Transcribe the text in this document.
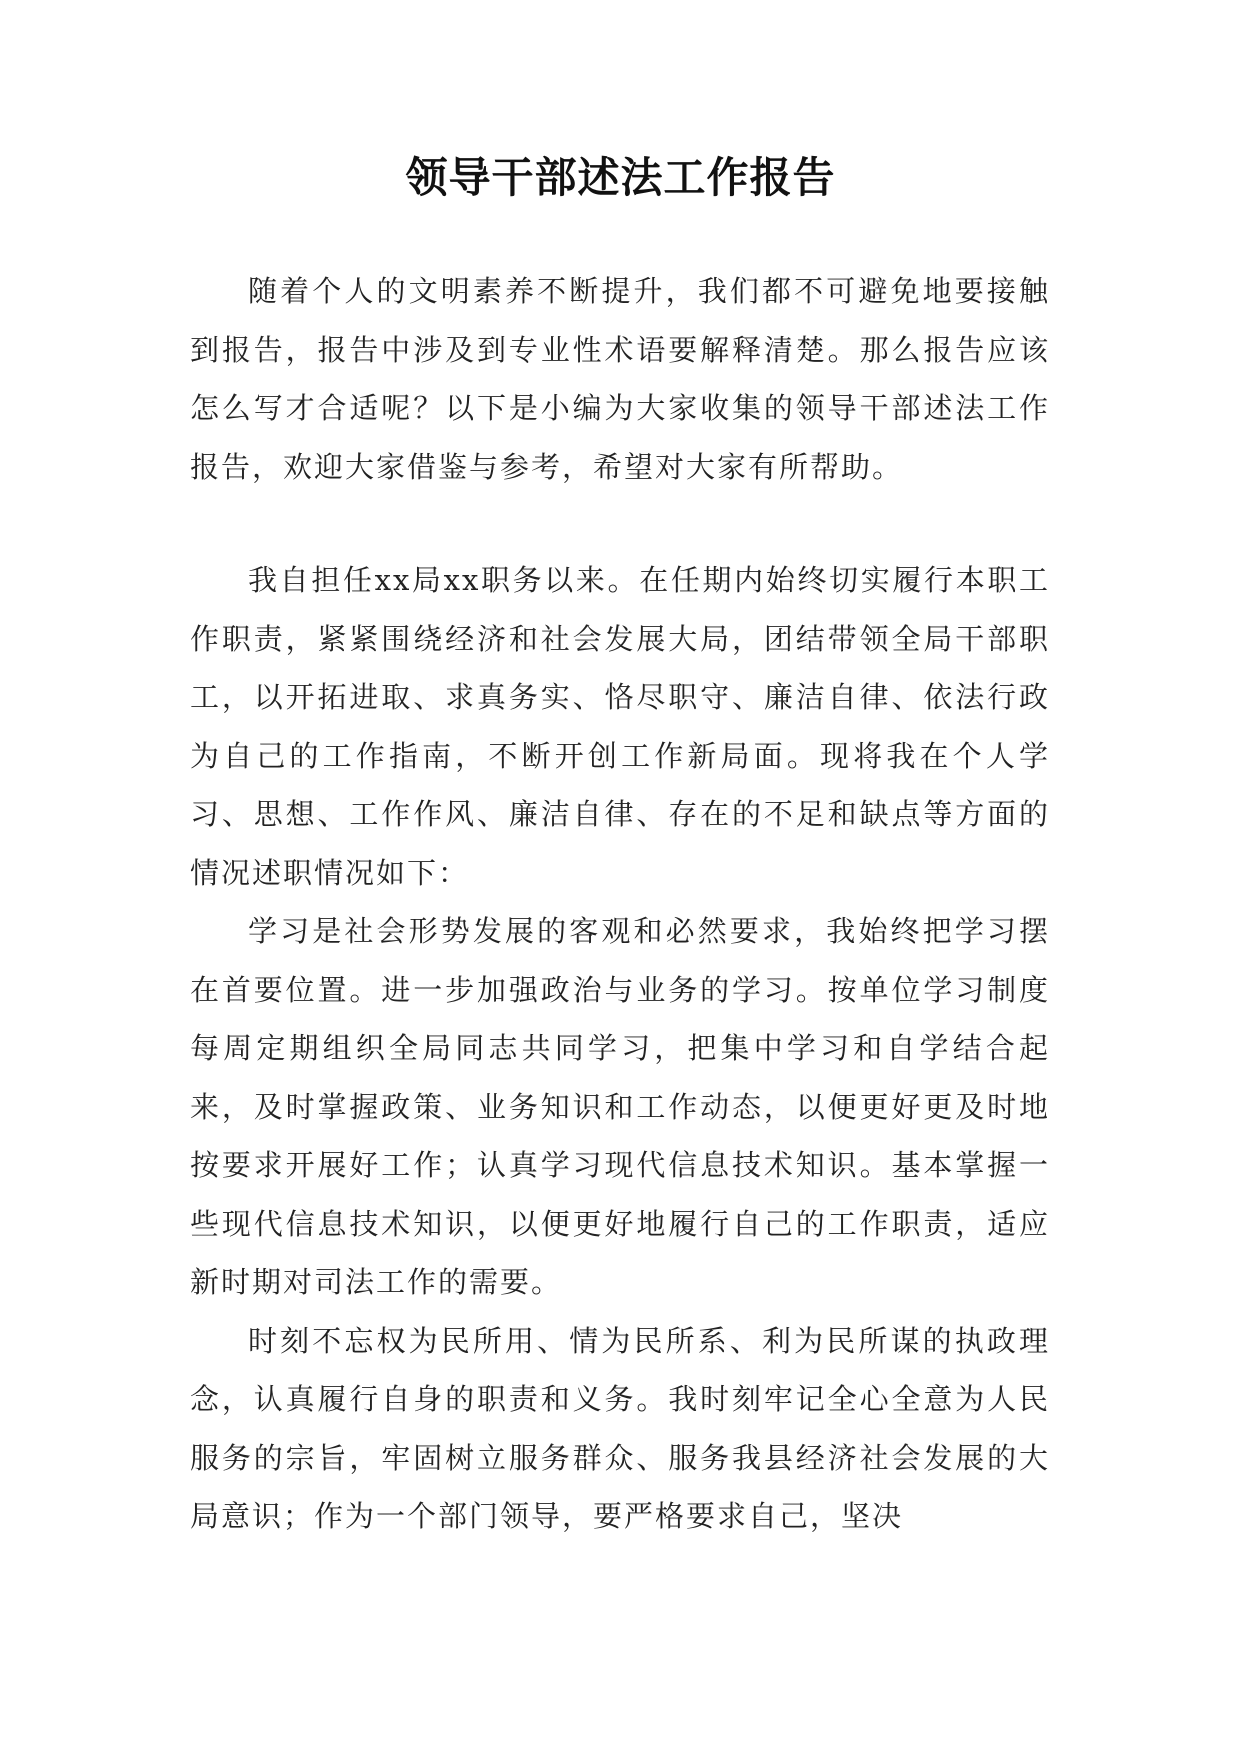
领导干部述法工作报告

随着个人的文明素养不断提升，我们都不可避免地要接触到报告，报告中涉及到专业性术语要解释清楚。那么报告应该怎么写才合适呢？以下是小编为大家收集的领导干部述法工作报告，欢迎大家借鉴与参考，希望对大家有所帮助。

我自担任xx局xx职务以来。在任期内始终切实履行本职工作职责，紧紧围绕经济和社会发展大局，团结带领全局干部职工，以开拓进取、求真务实、恪尽职守、廉洁自律、依法行政为自己的工作指南，不断开创工作新局面。现将我在个人学习、思想、工作作风、廉洁自律、存在的不足和缺点等方面的情况述职情况如下：

学习是社会形势发展的客观和必然要求，我始终把学习摆在首要位置。进一步加强政治与业务的学习。按单位学习制度每周定期组织全局同志共同学习，把集中学习和自学结合起来，及时掌握政策、业务知识和工作动态，以便更好更及时地按要求开展好工作；认真学习现代信息技术知识。基本掌握一些现代信息技术知识，以便更好地履行自己的工作职责，适应新时期对司法工作的需要。

时刻不忘权为民所用、情为民所系、利为民所谋的执政理念，认真履行自身的职责和义务。我时刻牢记全心全意为人民服务的宗旨，牢固树立服务群众、服务我县经济社会发展的大局意识；作为一个部门领导，要严格要求自己，坚决
